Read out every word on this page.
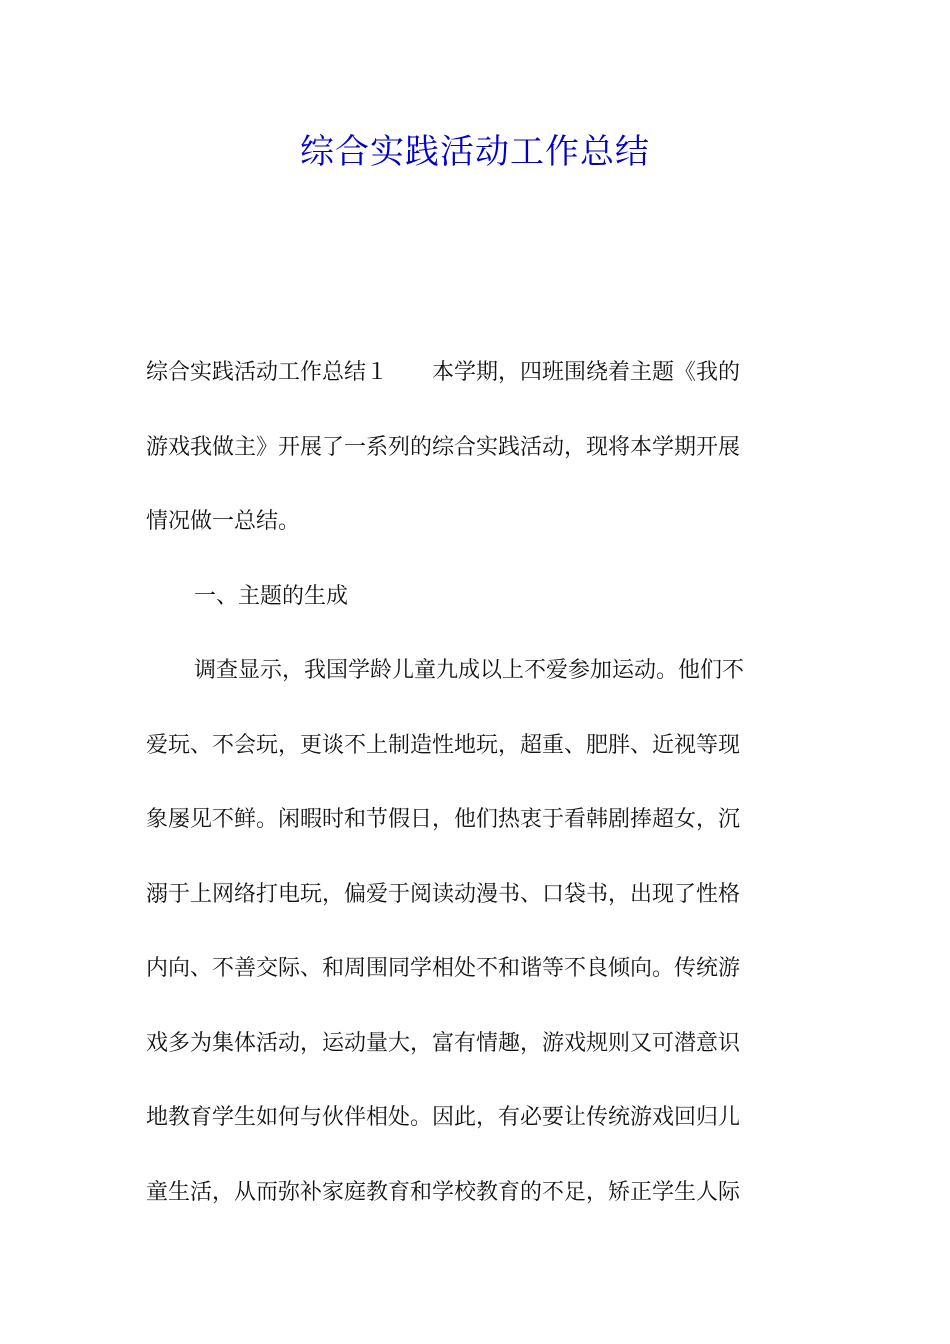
综合实践活动工作总结
综合实践活动工作总结１ 本学期，四班围绕着主题《我的
游戏我做主》开展了一系列的综合实践活动，现将本学期开展
情况做一总结。
一、主题的生成
调查显示，我国学龄儿童九成以上不爱参加运动。他们不
爱玩、不会玩，更谈不上制造性地玩，超重、肥胖、近视等现
象屡见不鲜。闲暇时和节假日，他们热衷于看韩剧捧超女，沉
溺于上网络打电玩，偏爱于阅读动漫书、口袋书，出现了性格
内向、不善交际、和周围同学相处不和谐等不良倾向。传统游
戏多为集体活动，运动量大，富有情趣，游戏规则又可潜意识
地教育学生如何与伙伴相处。因此，有必要让传统游戏回归儿
童生活，从而弥补家庭教育和学校教育的不足，矫正学生人际
